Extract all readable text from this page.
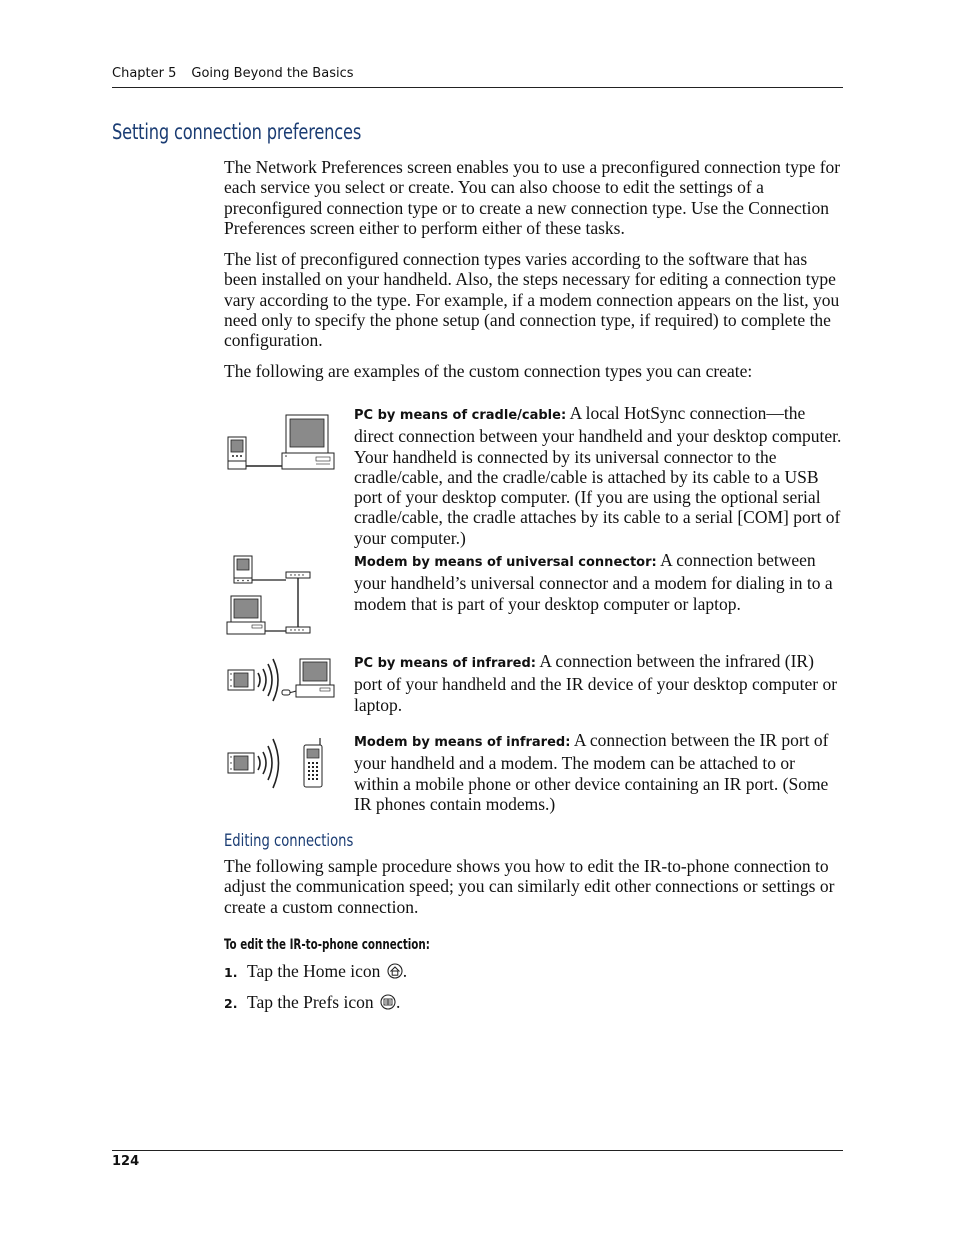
Chapter 5 Going Beyond the Basics
Setting connection preferences

The Network Preferences screen enables you to use a preconfigured connection type for each service you select or create. You can also choose to edit the settings of a preconfigured connection type or to create a new connection type. Use the Connection Preferences screen either to perform either of these tasks.

The list of preconfigured connection types varies according to the software that has been installed on your handheld. Also, the steps necessary for editing a connection type vary according to the type. For example, if a modem connection appears on the list, you need only to specify the phone setup (and connection type, if required) to complete the configuration.

The following are examples of the custom connection types you can create:

PC by means of cradle/cable: A local HotSync connection—the direct connection between your handheld and your desktop computer. Your handheld is connected by its universal connector to the cradle/cable, and the cradle/cable is attached by its cable to a USB port of your desktop computer. (If you are using the optional serial cradle/cable, the cradle attaches by its cable to a serial [COM] port of your computer.)
Modem by means of universal connector: A connection between your handheld’s universal connector and a modem for dialing in to a modem that is part of your desktop computer or laptop.
PC by means of infrared: A connection between the infrared (IR) port of your handheld and the IR device of your desktop computer or laptop.
Modem by means of infrared: A connection between the IR port of your handheld and a modem. The modem can be attached to or within a mobile phone or other device containing an IR port. (Some IR phones contain modems.)
Editing connections

The following sample procedure shows you how to edit the IR-to-phone connection to adjust the communication speed; you can similarly edit other connections or settings or create a custom connection.

To edit the IR-to-phone connection:
1. Tap the Home icon .
2. Tap the Prefs icon .
124
